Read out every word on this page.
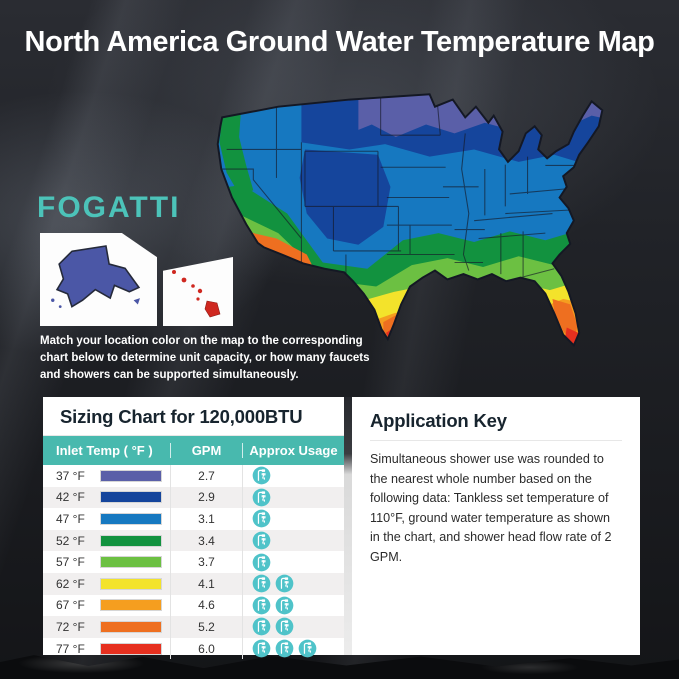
North America Ground Water Temperature Map
FOGATTI
Match your location color on the map to the corresponding chart below to determine unit capacity, or how many faucets and showers can be supported simultaneously.
Sizing Chart for 120,000BTU
Inlet Temp ( °F )	GPM	Approx Usage
37 °F	2.7
42 °F	2.9
47 °F	3.1
52 °F	3.4
57 °F	3.7
62 °F	4.1
67 °F	4.6
72 °F	5.2
77 °F	6.0
Application Key
Simultaneous shower use was rounded to the nearest whole number based on the following data: Tankless set temperature of 110°F, ground water temperature as shown in the chart, and shower head flow rate of 2 GPM.
